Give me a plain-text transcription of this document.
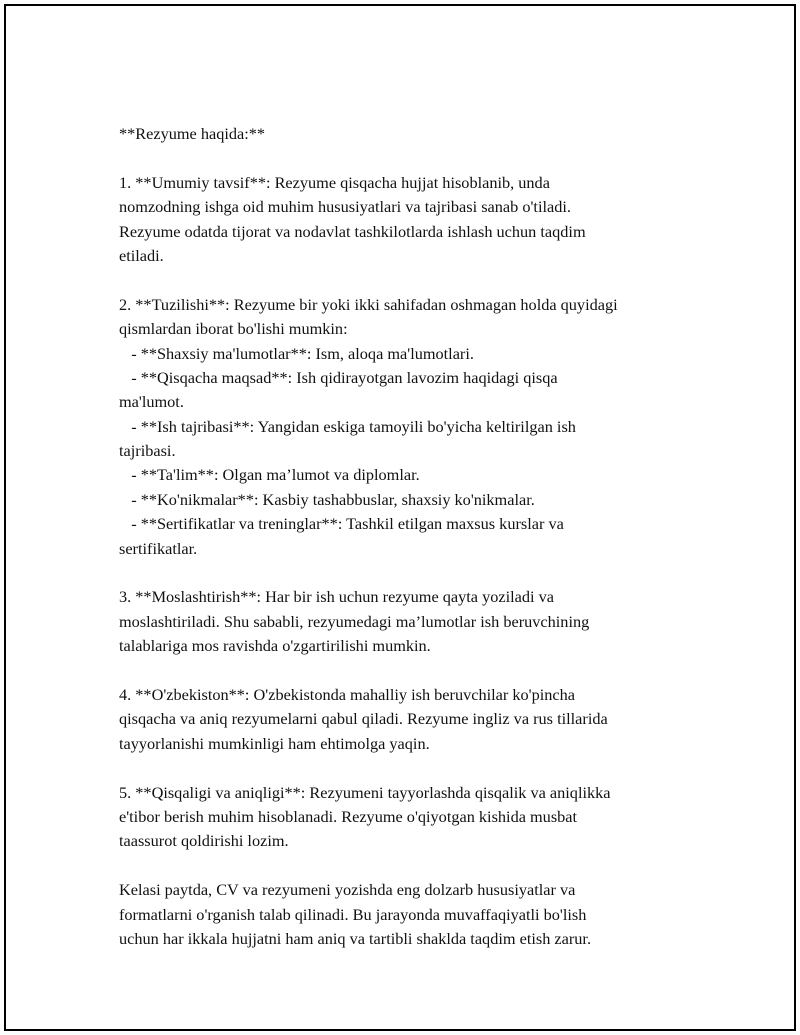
**Rezyume haqida:**
1. **Umumiy tavsif**: Rezyume qisqacha hujjat hisoblanib, unda
nomzodning ishga oid muhim hususiyatlari va tajribasi sanab o'tiladi.
Rezyume odatda tijorat va nodavlat tashkilotlarda ishlash uchun taqdim
etiladi.
2. **Tuzilishi**: Rezyume bir yoki ikki sahifadan oshmagan holda quyidagi
qismlardan iborat bo'lishi mumkin:
- **Shaxsiy ma'lumotlar**: Ism, aloqa ma'lumotlari.
- **Qisqacha maqsad**: Ish qidirayotgan lavozim haqidagi qisqa
ma'lumot.
- **Ish tajribasi**: Yangidan eskiga tamoyili bo'yicha keltirilgan ish
tajribasi.
- **Ta'lim**: Olgan ma’lumot va diplomlar.
- **Ko'nikmalar**: Kasbiy tashabbuslar, shaxsiy ko'nikmalar.
- **Sertifikatlar va treninglar**: Tashkil etilgan maxsus kurslar va
sertifikatlar.
3. **Moslashtirish**: Har bir ish uchun rezyume qayta yoziladi va
moslashtiriladi. Shu sababli, rezyumedagi ma’lumotlar ish beruvchining
talablariga mos ravishda o'zgartirilishi mumkin.
4. **O'zbekiston**: O'zbekistonda mahalliy ish beruvchilar ko'pincha
qisqacha va aniq rezyumelarni qabul qiladi. Rezyume ingliz va rus tillarida
tayyorlanishi mumkinligi ham ehtimolga yaqin.
5. **Qisqaligi va aniqligi**: Rezyumeni tayyorlashda qisqalik va aniqlikka
e'tibor berish muhim hisoblanadi. Rezyume o'qiyotgan kishida musbat
taassurot qoldirishi lozim.
Kelasi paytda, CV va rezyumeni yozishda eng dolzarb hususiyatlar va
formatlarni o'rganish talab qilinadi. Bu jarayonda muvaffaqiyatli bo'lish
uchun har ikkala hujjatni ham aniq va tartibli shaklda taqdim etish zarur.
